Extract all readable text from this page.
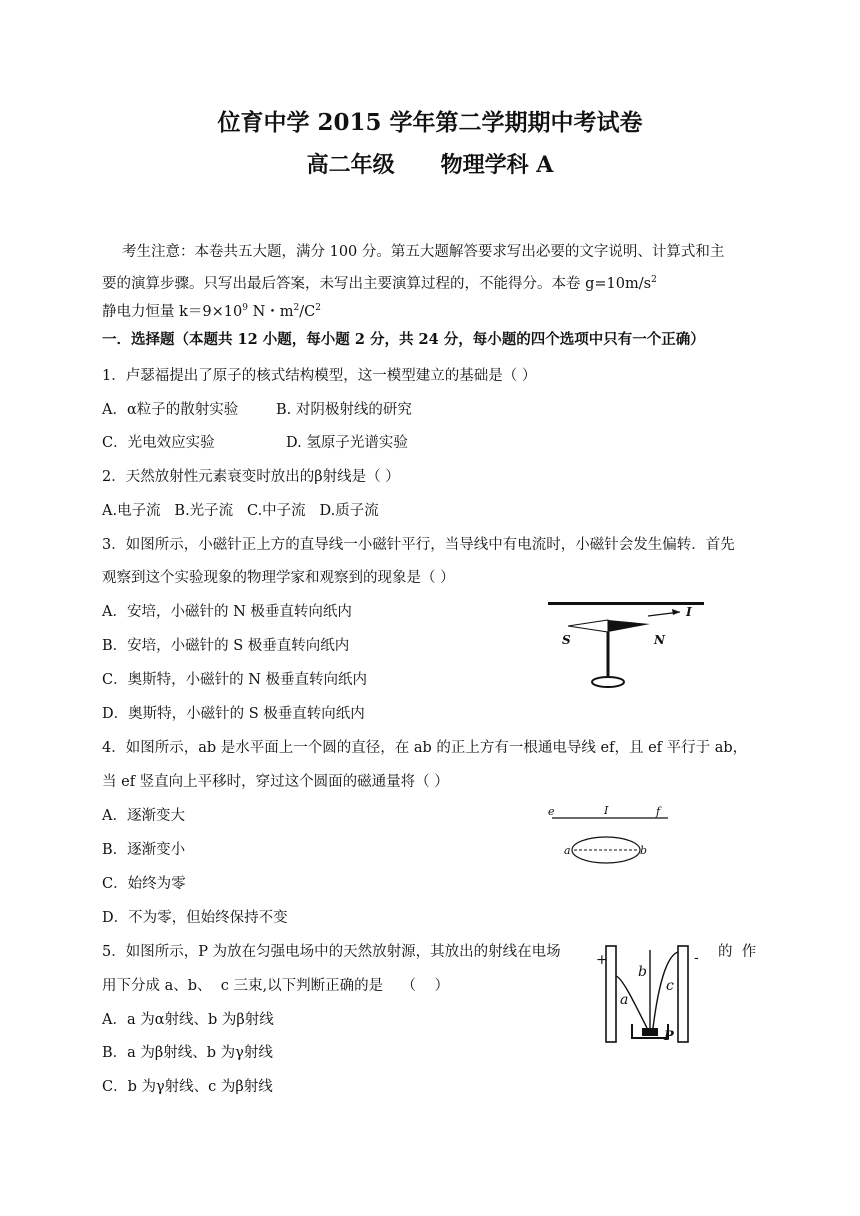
位育中学 2015 学年第二学期期中考试卷
高二年级      物理学科 A
考生注意：本卷共五大题，满分 100 分。第五大题解答要求写出必要的文字说明、计算式和主
要的演算步骤。只写出最后答案，未写出主要演算过程的，不能得分。本卷 $g=10m/s^2$
静电力恒量 $k=9\times 10^9$ N・$m^2/C^2$
一．选择题（本题共 12 小题，每小题 2 分，共 24 分，每小题的四个选项中只有一个正确）
1．卢瑟福提出了原子的核式结构模型，这一模型建立的基础是（ ）
A．α粒子的散射实验	B. 对阴极射线的研究
C．光电效应实验	D. 氢原子光谱实验
2．天然放射性元素衰变时放出的β射线是（ ）
A.电子流   B.光子流   C.中子流   D.质子流
3．如图所示，小磁针正上方的直导线一小磁针平行，当导线中有电流时，小磁针会发生偏转．首先
观察到这个实验现象的物理学家和观察到的现象是（ ）
A．安培，小磁针的 N 极垂直转向纸内
B．安培，小磁针的 S 极垂直转向纸内
C．奥斯特，小磁针的 N 极垂直转向纸内
D．奥斯特，小磁针的 S 极垂直转向纸内
I
S	N
4．如图所示，ab 是水平面上一个圆的直径，在 ab 的正上方有一根通电导线 ef，且 ef 平行于 ab，
当 ef 竖直向上平移时，穿过这个圆面的磁通量将（ ）
A．逐渐变大
B．逐渐变小
C．始终为零
D．不为零，但始终保持不变
e	I	f
a	b
5．如图所示，P 为放在匀强电场中的天然放射源，其放出的射线在电场	的  作
用下分成 a、b、  c 三束,以下判断正确的是    （    ）
A．a 为α射线、b 为β射线
B．a 为β射线、b 为γ射线
C．b 为γ射线、c 为β射线
+	-
a
b
c
P
